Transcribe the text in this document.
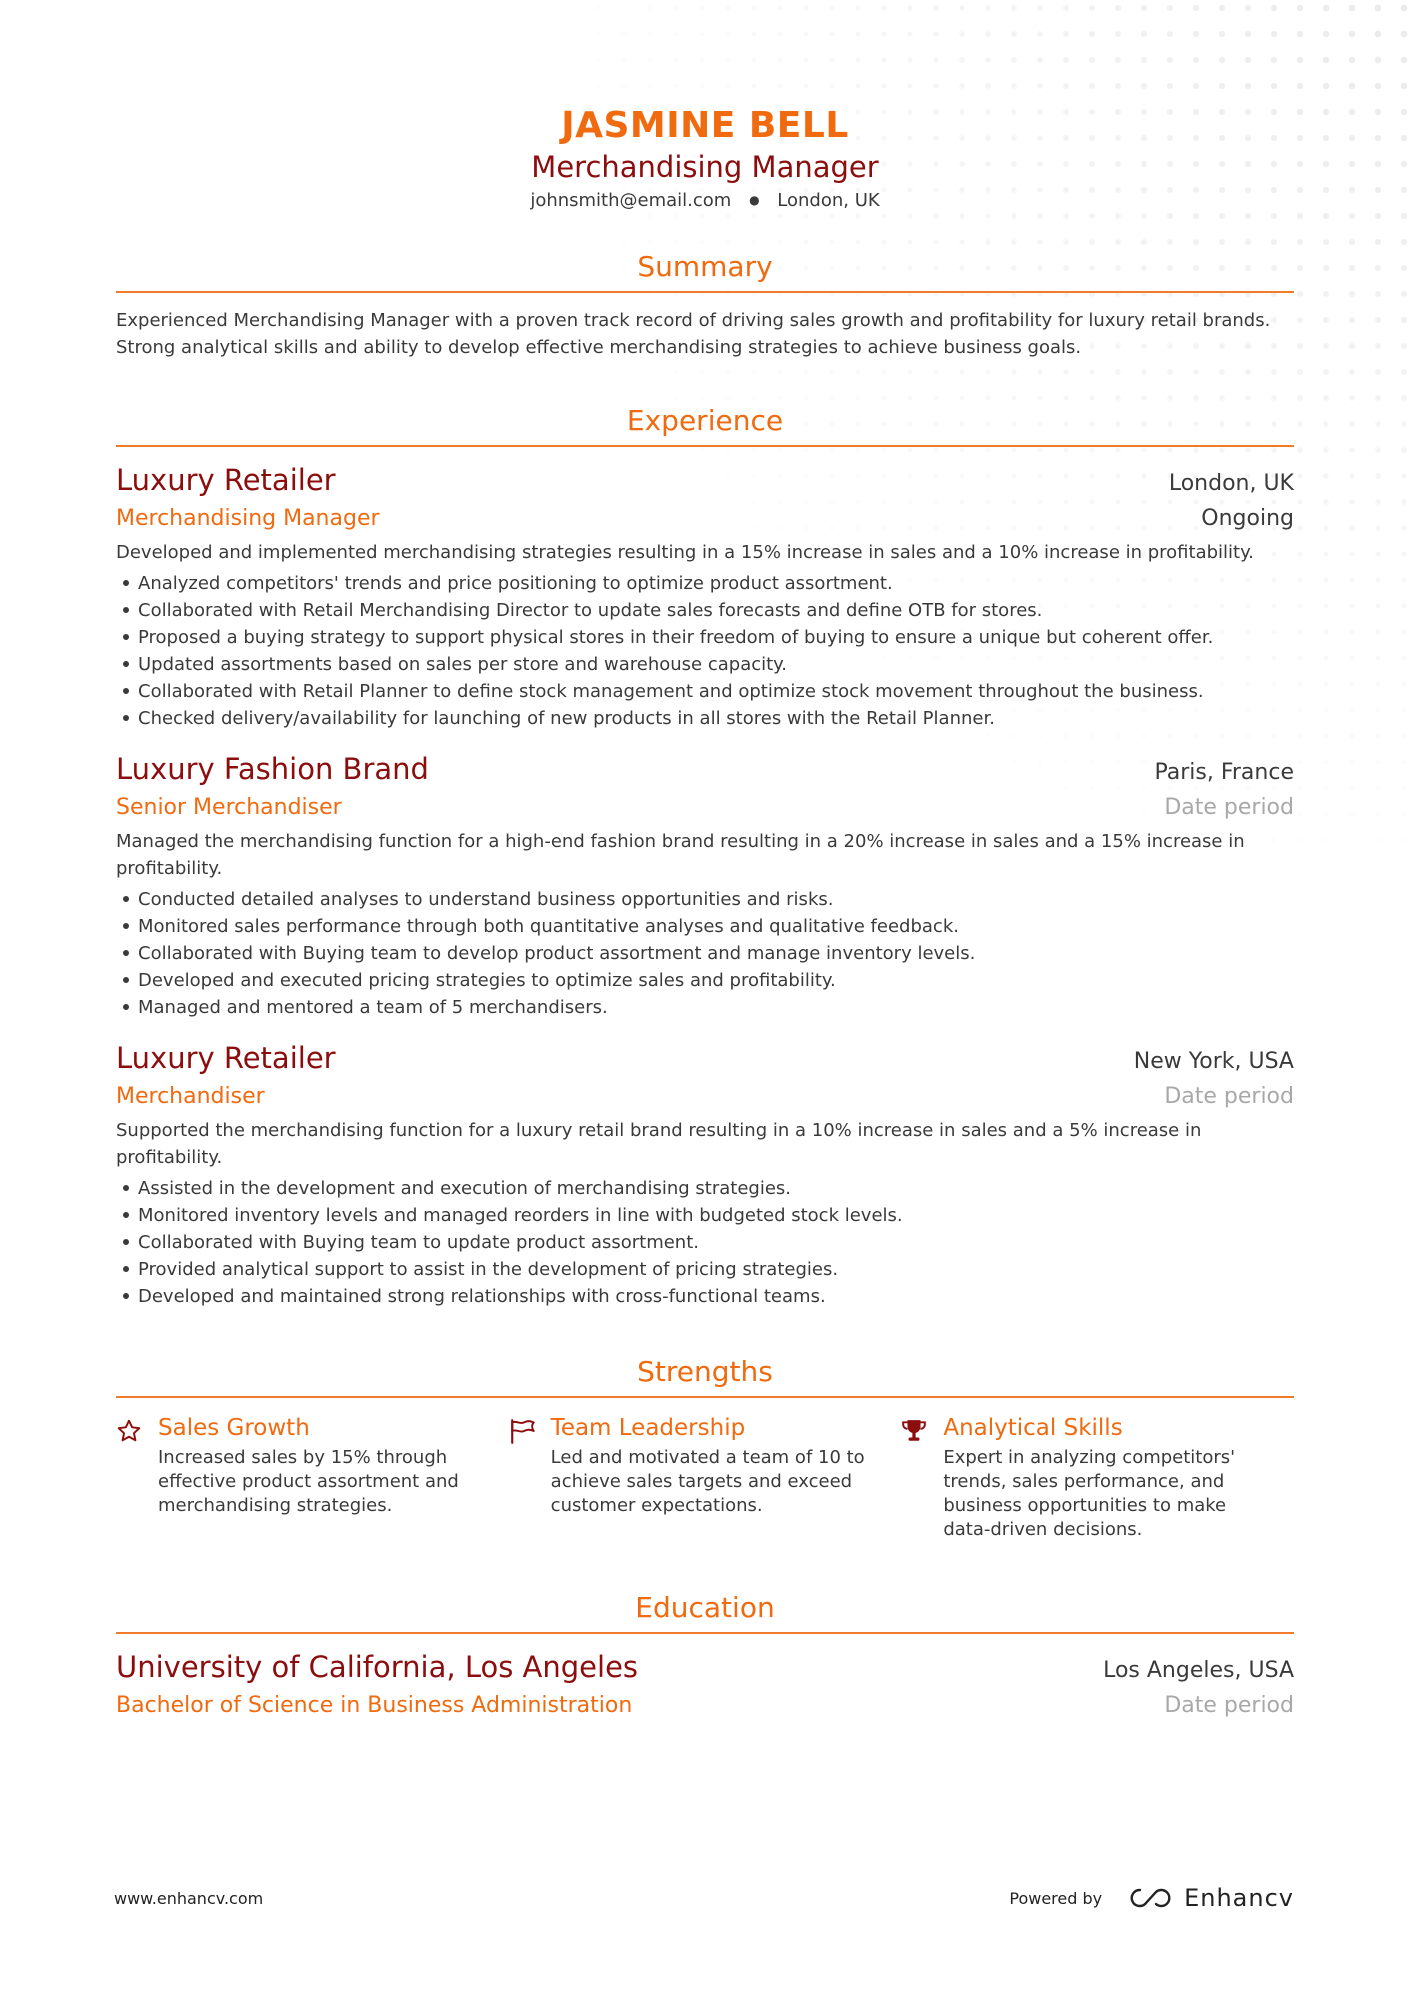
JASMINE BELL
Merchandising Manager
johnsmith@email.com ● London, UK
Summary
Experienced Merchandising Manager with a proven track record of driving sales growth and profitability for luxury retail brands. Strong analytical skills and ability to develop effective merchandising strategies to achieve business goals.
Experience
Luxury Retailer	London, UK
Merchandising Manager	Ongoing
Developed and implemented merchandising strategies resulting in a 15% increase in sales and a 10% increase in profitability.
Analyzed competitors' trends and price positioning to optimize product assortment.
Collaborated with Retail Merchandising Director to update sales forecasts and define OTB for stores.
Proposed a buying strategy to support physical stores in their freedom of buying to ensure a unique but coherent offer.
Updated assortments based on sales per store and warehouse capacity.
Collaborated with Retail Planner to define stock management and optimize stock movement throughout the business.
Checked delivery/availability for launching of new products in all stores with the Retail Planner.
Luxury Fashion Brand	Paris, France
Senior Merchandiser	Date period
Managed the merchandising function for a high-end fashion brand resulting in a 20% increase in sales and a 15% increase in profitability.
Conducted detailed analyses to understand business opportunities and risks.
Monitored sales performance through both quantitative analyses and qualitative feedback.
Collaborated with Buying team to develop product assortment and manage inventory levels.
Developed and executed pricing strategies to optimize sales and profitability.
Managed and mentored a team of 5 merchandisers.
Luxury Retailer	New York, USA
Merchandiser	Date period
Supported the merchandising function for a luxury retail brand resulting in a 10% increase in sales and a 5% increase in profitability.
Assisted in the development and execution of merchandising strategies.
Monitored inventory levels and managed reorders in line with budgeted stock levels.
Collaborated with Buying team to update product assortment.
Provided analytical support to assist in the development of pricing strategies.
Developed and maintained strong relationships with cross-functional teams.
Strengths
Sales Growth
Increased sales by 15% through effective product assortment and merchandising strategies.
Team Leadership
Led and motivated a team of 10 to achieve sales targets and exceed customer expectations.
Analytical Skills
Expert in analyzing competitors' trends, sales performance, and business opportunities to make data-driven decisions.
Education
University of California, Los Angeles	Los Angeles, USA
Bachelor of Science in Business Administration	Date period
www.enhancv.com	Powered by	Enhancv
